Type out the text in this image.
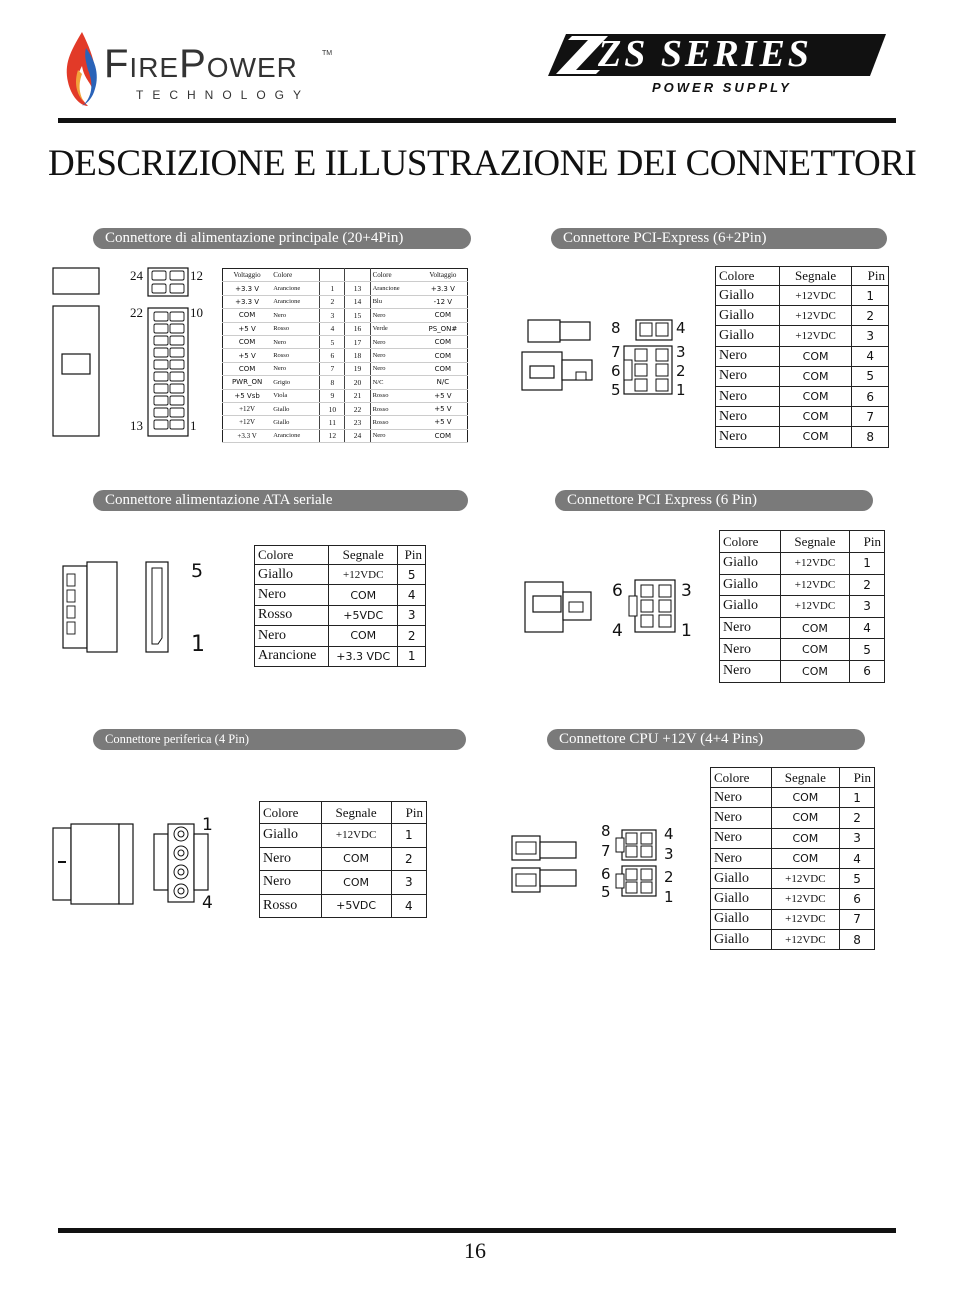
FirePower	TM
TECHNOLOGY
ZS SERIES
POWER SUPPLY
DESCRIZIONE E ILLUSTRAZIONE DEI CONNETTORI
Connettore di alimentazione principale (20+4Pin)
24	12
22	10
13	1
Voltaggio	Colore			Colore	Voltaggio
+3.3 V	Arancione	1	13	Arancione	+3.3 V
+3.3 V	Arancione	2	14	Blu	-12 V
COM	Nero	3	15	Nero	COM
+5 V	Rosso	4	16	Verde	PS_ON#
COM	Nero	5	17	Nero	COM
+5 V	Rosso	6	18	Nero	COM
COM	Nero	7	19	Nero	COM
PWR_ON	Grigio	8	20	N/C	N/C
+5 Vsb	Viola	9	21	Rosso	+5 V
+12V	Giallo	10	22	Rosso	+5 V
+12V	Giallo	11	23	Rosso	+5 V
+3.3 V	Arancione	12	24	Nero	COM
Connettore PCI-Express (6+2Pin)
8	4
7	3
6	2
5	1
Colore	Segnale	Pin
Giallo	+12VDC	1
Giallo	+12VDC	2
Giallo	+12VDC	3
Nero	COM	4
Nero	COM	5
Nero	COM	6
Nero	COM	7
Nero	COM	8
Connettore alimentazione ATA seriale
5
1
Colore	Segnale	Pin
Giallo	+12VDC	5
Nero	COM	4
Rosso	+5VDC	3
Nero	COM	2
Arancione	+3.3 VDC	1
Connettore PCI Express (6 Pin)
6	3
4	1
Colore	Segnale	Pin
Giallo	+12VDC	1
Giallo	+12VDC	2
Giallo	+12VDC	3
Nero	COM	4
Nero	COM	5
Nero	COM	6
Connettore periferica (4 Pin)
1
4
Colore	Segnale	Pin
Giallo	+12VDC	1
Nero	COM	2
Nero	COM	3
Rosso	+5VDC	4
Connettore CPU +12V (4+4 Pins)
8	4
7	3
6	2
5	1
Colore	Segnale	Pin
Nero	COM	1
Nero	COM	2
Nero	COM	3
Nero	COM	4
Giallo	+12VDC	5
Giallo	+12VDC	6
Giallo	+12VDC	7
Giallo	+12VDC	8
16
